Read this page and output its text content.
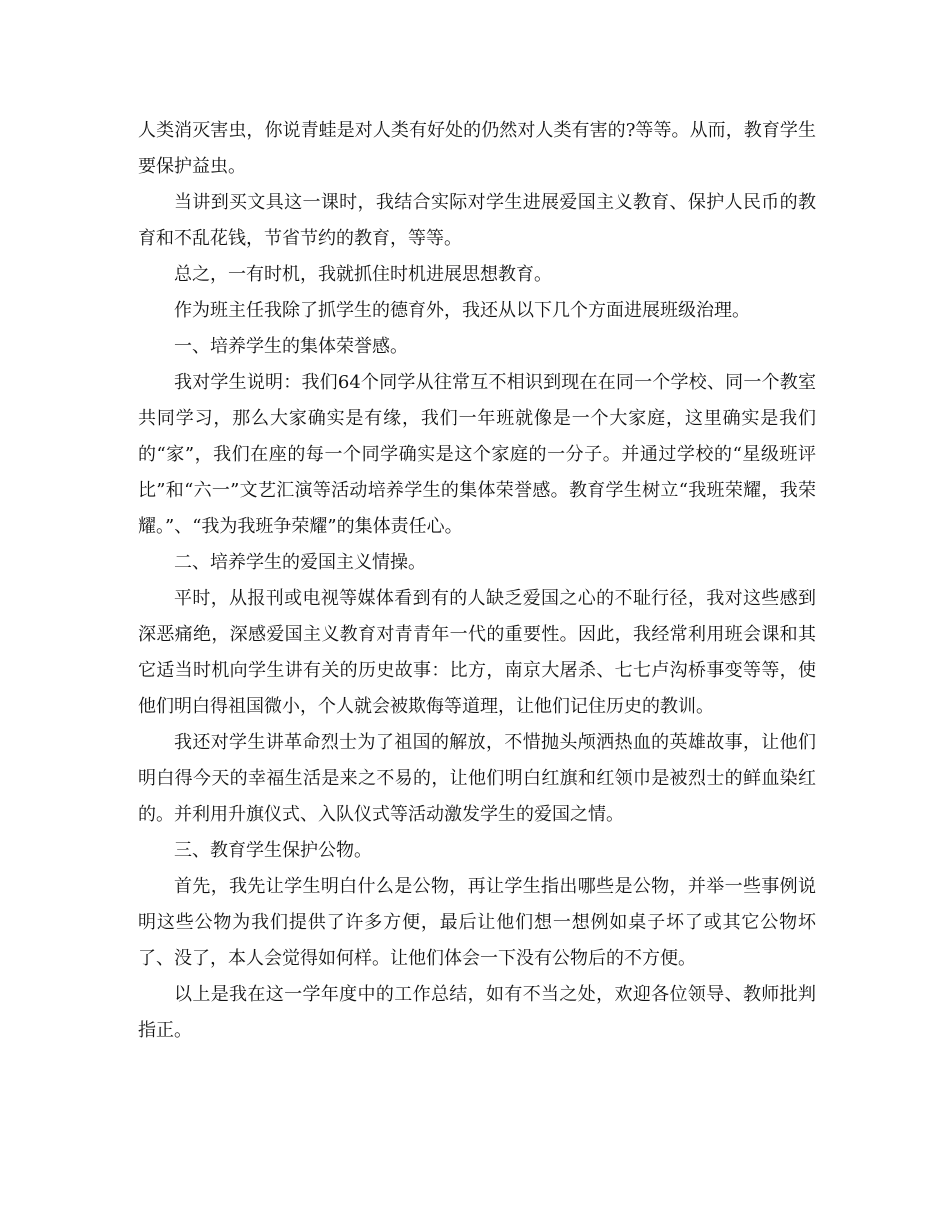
人类消灭害虫，你说青蛙是对人类有好处的仍然对人类有害的?等等。从而，教育学生要保护益虫。

当讲到买文具这一课时，我结合实际对学生进展爱国主义教育、保护人民币的教育和不乱花钱，节省节约的教育，等等。

总之，一有时机，我就抓住时机进展思想教育。

作为班主任我除了抓学生的德育外，我还从以下几个方面进展班级治理。

一、培养学生的集体荣誉感。

我对学生说明：我们64个同学从往常互不相识到现在在同一个学校、同一个教室共同学习，那么大家确实是有缘，我们一年班就像是一个大家庭，这里确实是我们的“家”，我们在座的每一个同学确实是这个家庭的一分子。并通过学校的“星级班评比”和“六一”文艺汇演等活动培养学生的集体荣誉感。教育学生树立“我班荣耀，我荣耀。”、“我为我班争荣耀”的集体责任心。

二、培养学生的爱国主义情操。

平时，从报刊或电视等媒体看到有的人缺乏爱国之心的不耻行径，我对这些感到深恶痛绝，深感爱国主义教育对青青年一代的重要性。因此，我经常利用班会课和其它适当时机向学生讲有关的历史故事：比方，南京大屠杀、七七卢沟桥事变等等，使他们明白得祖国微小，个人就会被欺侮等道理，让他们记住历史的教训。

我还对学生讲革命烈士为了祖国的解放，不惜抛头颅洒热血的英雄故事，让他们明白得今天的幸福生活是来之不易的，让他们明白红旗和红领巾是被烈士的鲜血染红的。并利用升旗仪式、入队仪式等活动激发学生的爱国之情。

三、教育学生保护公物。

首先，我先让学生明白什么是公物，再让学生指出哪些是公物，并举一些事例说明这些公物为我们提供了许多方便，最后让他们想一想例如桌子坏了或其它公物坏了、没了，本人会觉得如何样。让他们体会一下没有公物后的不方便。

以上是我在这一学年度中的工作总结，如有不当之处，欢迎各位领导、教师批判指正。
